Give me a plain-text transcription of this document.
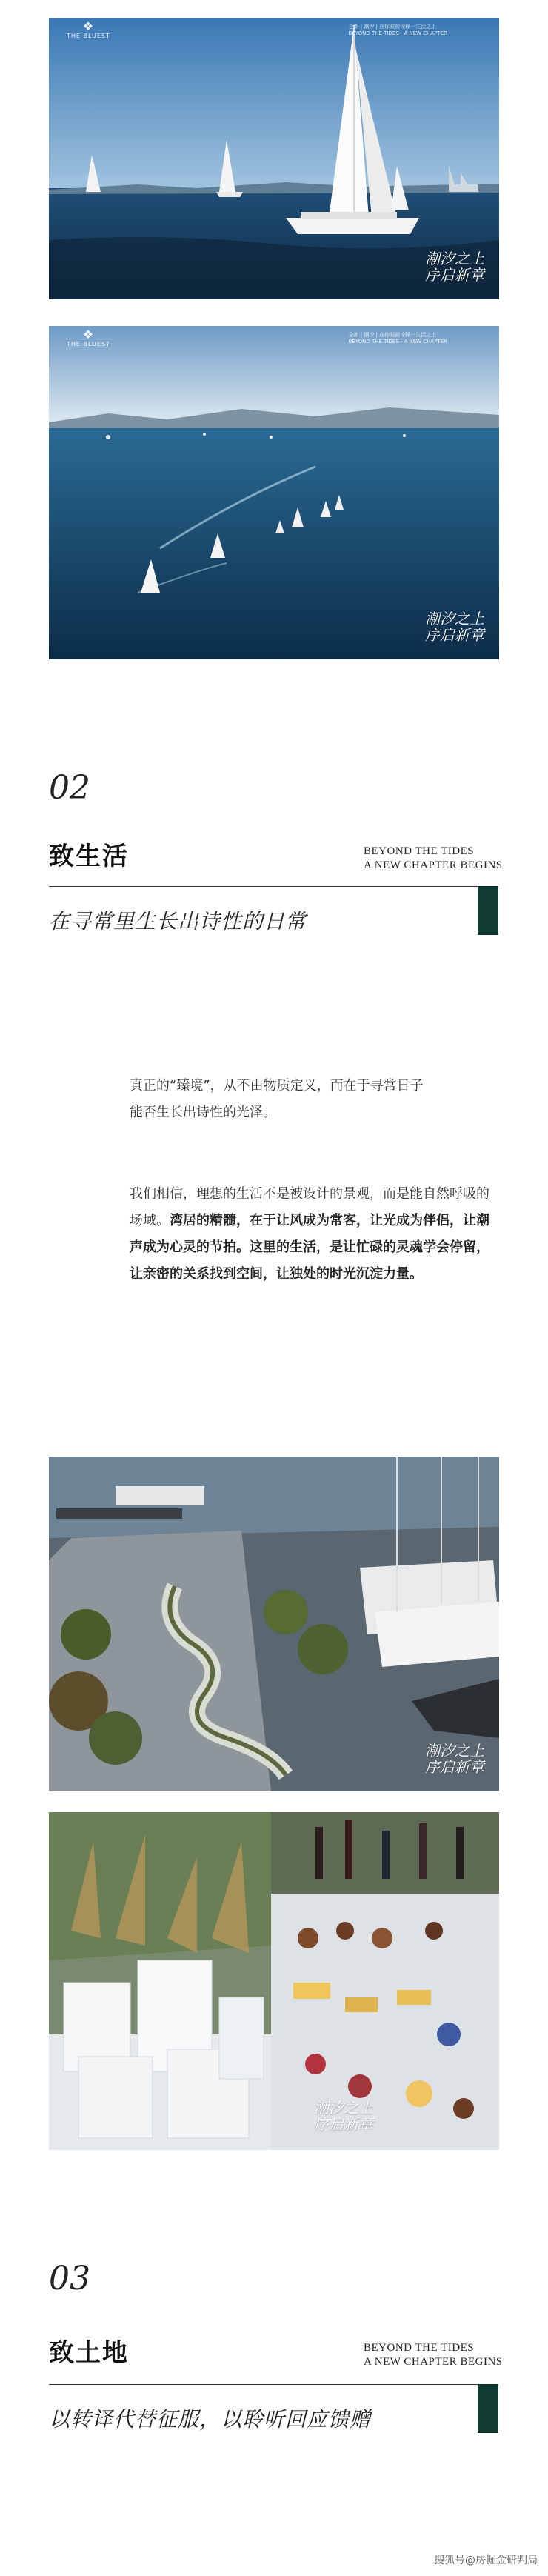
❖
THE BLUEST
全新 | 潮汐 | 在你眼前诠释一生活之上
BEYOND THE TIDES · A NEW CHAPTER
潮汐之上
序启新章
❖
THE BLUEST
全新 | 潮汐 | 在你眼前诠释一生活之上
BEYOND THE TIDES · A NEW CHAPTER
潮汐之上
序启新章
02
致生活	BEYOND THE TIDES
A NEW CHAPTER BEGINS
在寻常里生长出诗性的日常
真正的“臻境”，从不由物质定义，而在于寻常日子
能否生长出诗性的光泽。
我们相信，理想的生活不是被设计的景观，而是能自然呼吸的场域。湾居的精髓，在于让风成为常客，让光成为伴侣，让潮声成为心灵的节拍。这里的生活，是让忙碌的灵魂学会停留，让亲密的关系找到空间，让独处的时光沉淀力量。
潮汐之上
序启新章
潮汐之上
序启新章
03
致土地	BEYOND THE TIDES
A NEW CHAPTER BEGINS
以转译代替征服，以聆听回应馈赠
搜狐号@房掘金研判局
